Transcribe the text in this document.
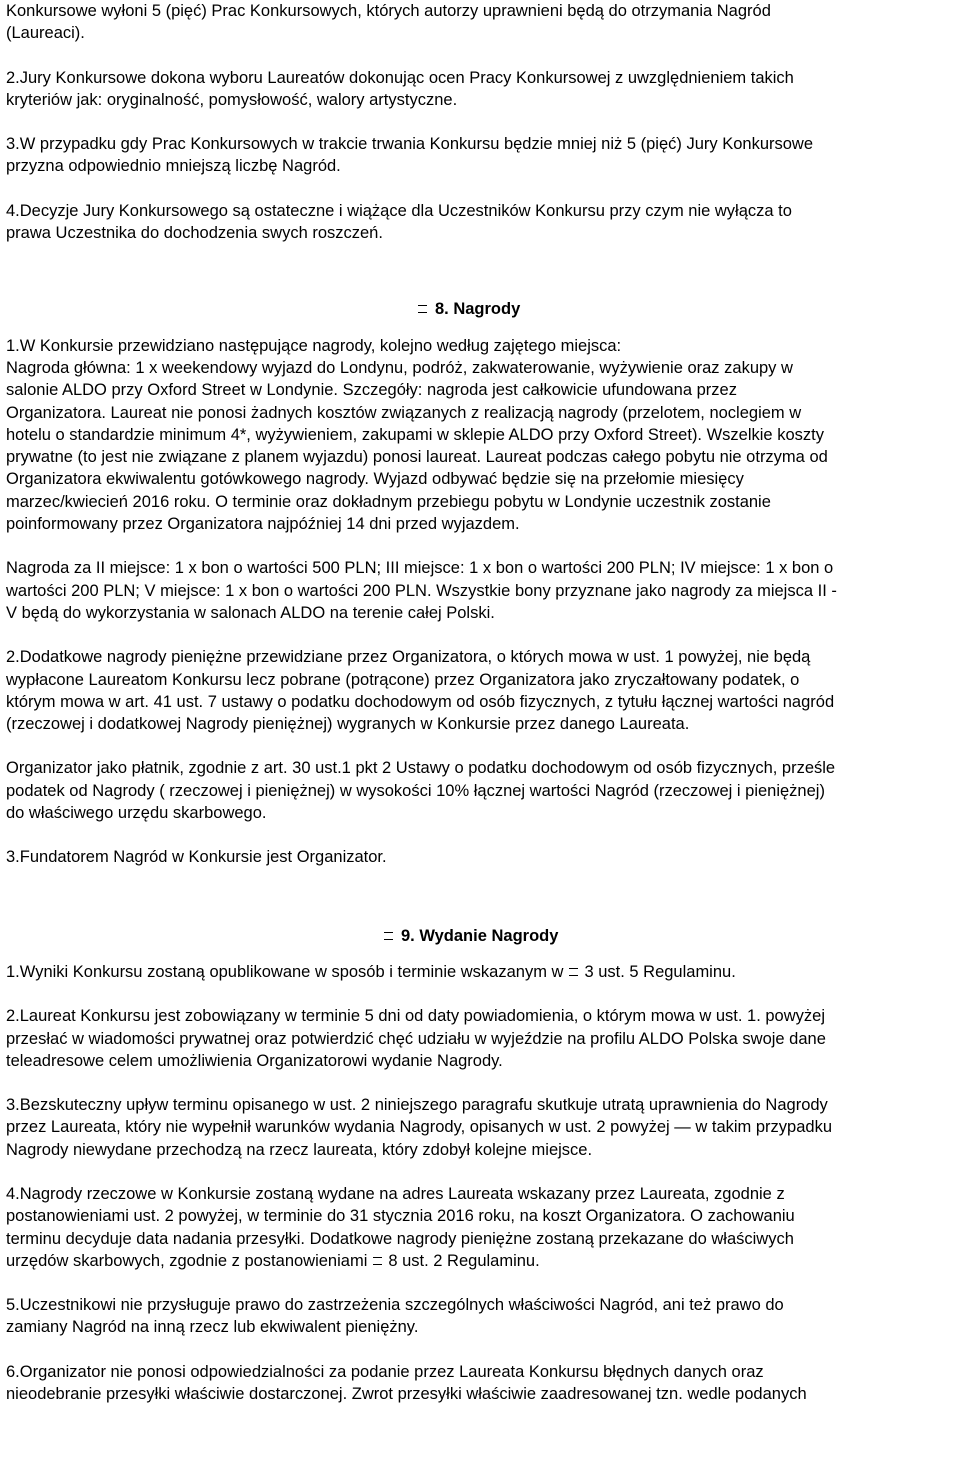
Konkursowe wyłoni 5 (pięć) Prac Konkursowych, których autorzy uprawnieni będą do otrzymania Nagród
(Laureaci).

2.Jury Konkursowe dokona wyboru Laureatów dokonując ocen Pracy Konkursowej z uwzględnieniem takich
kryteriów jak: oryginalność, pomysłowość, walory artystyczne.

3.W przypadku gdy Prac Konkursowych w trakcie trwania Konkursu będzie mniej niż 5 (pięć) Jury Konkursowe
przyzna odpowiednio mniejszą liczbę Nagród.

4.Decyzje Jury Konkursowego są ostateczne i wiążące dla Uczestników Konkursu przy czym nie wyłącza to
prawa Uczestnika do dochodzenia swych roszczeń.

8. Nagrody

1.W Konkursie przewidziano następujące nagrody, kolejno według zajętego miejsca:
Nagroda główna: 1 x weekendowy wyjazd do Londynu, podróż, zakwaterowanie, wyżywienie oraz zakupy w
salonie ALDO przy Oxford Street w Londynie. Szczegóły: nagroda jest całkowicie ufundowana przez
Organizatora. Laureat nie ponosi żadnych kosztów związanych z realizacją nagrody (przelotem, noclegiem w
hotelu o standardzie minimum 4*, wyżywieniem, zakupami w sklepie ALDO przy Oxford Street). Wszelkie koszty
prywatne (to jest nie związane z planem wyjazdu) ponosi laureat. Laureat podczas całego pobytu nie otrzyma od
Organizatora ekwiwalentu gotówkowego nagrody. Wyjazd odbywać będzie się na przełomie miesięcy
marzec/kwiecień 2016 roku. O terminie oraz dokładnym przebiegu pobytu w Londynie uczestnik zostanie
poinformowany przez Organizatora najpóźniej 14 dni przed wyjazdem.

Nagroda za II miejsce: 1 x bon o wartości 500 PLN; III miejsce: 1 x bon o wartości 200 PLN; IV miejsce: 1 x bon o
wartości 200 PLN; V miejsce: 1 x bon o wartości 200 PLN. Wszystkie bony przyznane jako nagrody za miejsca II -
V będą do wykorzystania w salonach ALDO na terenie całej Polski.

2.Dodatkowe nagrody pieniężne przewidziane przez Organizatora, o których mowa w ust. 1 powyżej, nie będą
wypłacone Laureatom Konkursu lecz pobrane (potrącone) przez Organizatora jako zryczałtowany podatek, o
którym mowa w art. 41 ust. 7 ustawy o podatku dochodowym od osób fizycznych, z tytułu łącznej wartości nagród
(rzeczowej i dodatkowej Nagrody pieniężnej) wygranych w Konkursie przez danego Laureata.

Organizator jako płatnik, zgodnie z art. 30 ust.1 pkt 2 Ustawy o podatku dochodowym od osób fizycznych, prześle
podatek od Nagrody ( rzeczowej i pieniężnej) w wysokości 10% łącznej wartości Nagród (rzeczowej i pieniężnej)
do właściwego urzędu skarbowego.

3.Fundatorem Nagród w Konkursie jest Organizator.

9. Wydanie Nagrody

1.Wyniki Konkursu zostaną opublikowane w sposób i terminie wskazanym w 3 ust. 5 Regulaminu.

2.Laureat Konkursu jest zobowiązany w terminie 5 dni od daty powiadomienia, o którym mowa w ust. 1. powyżej
przesłać w wiadomości prywatnej oraz potwierdzić chęć udziału w wyjeździe na profilu ALDO Polska swoje dane
teleadresowe celem umożliwienia Organizatorowi wydanie Nagrody.

3.Bezskuteczny upływ terminu opisanego w ust. 2 niniejszego paragrafu skutkuje utratą uprawnienia do Nagrody
przez Laureata, który nie wypełnił warunków wydania Nagrody, opisanych w ust. 2 powyżej — w takim przypadku
Nagrody niewydane przechodzą na rzecz laureata, który zdobył kolejne miejsce.

4.Nagrody rzeczowe w Konkursie zostaną wydane na adres Laureata wskazany przez Laureata, zgodnie z
postanowieniami ust. 2 powyżej, w terminie do 31 stycznia 2016 roku, na koszt Organizatora. O zachowaniu
terminu decyduje data nadania przesyłki. Dodatkowe nagrody pieniężne zostaną przekazane do właściwych
urzędów skarbowych, zgodnie z postanowieniami 8 ust. 2 Regulaminu.

5.Uczestnikowi nie przysługuje prawo do zastrzeżenia szczególnych właściwości Nagród, ani też prawo do
zamiany Nagród na inną rzecz lub ekwiwalent pieniężny.

6.Organizator nie ponosi odpowiedzialności za podanie przez Laureata Konkursu błędnych danych oraz
nieodebranie przesyłki właściwie dostarczonej. Zwrot przesyłki właściwie zaadresowanej tzn. wedle podanych
